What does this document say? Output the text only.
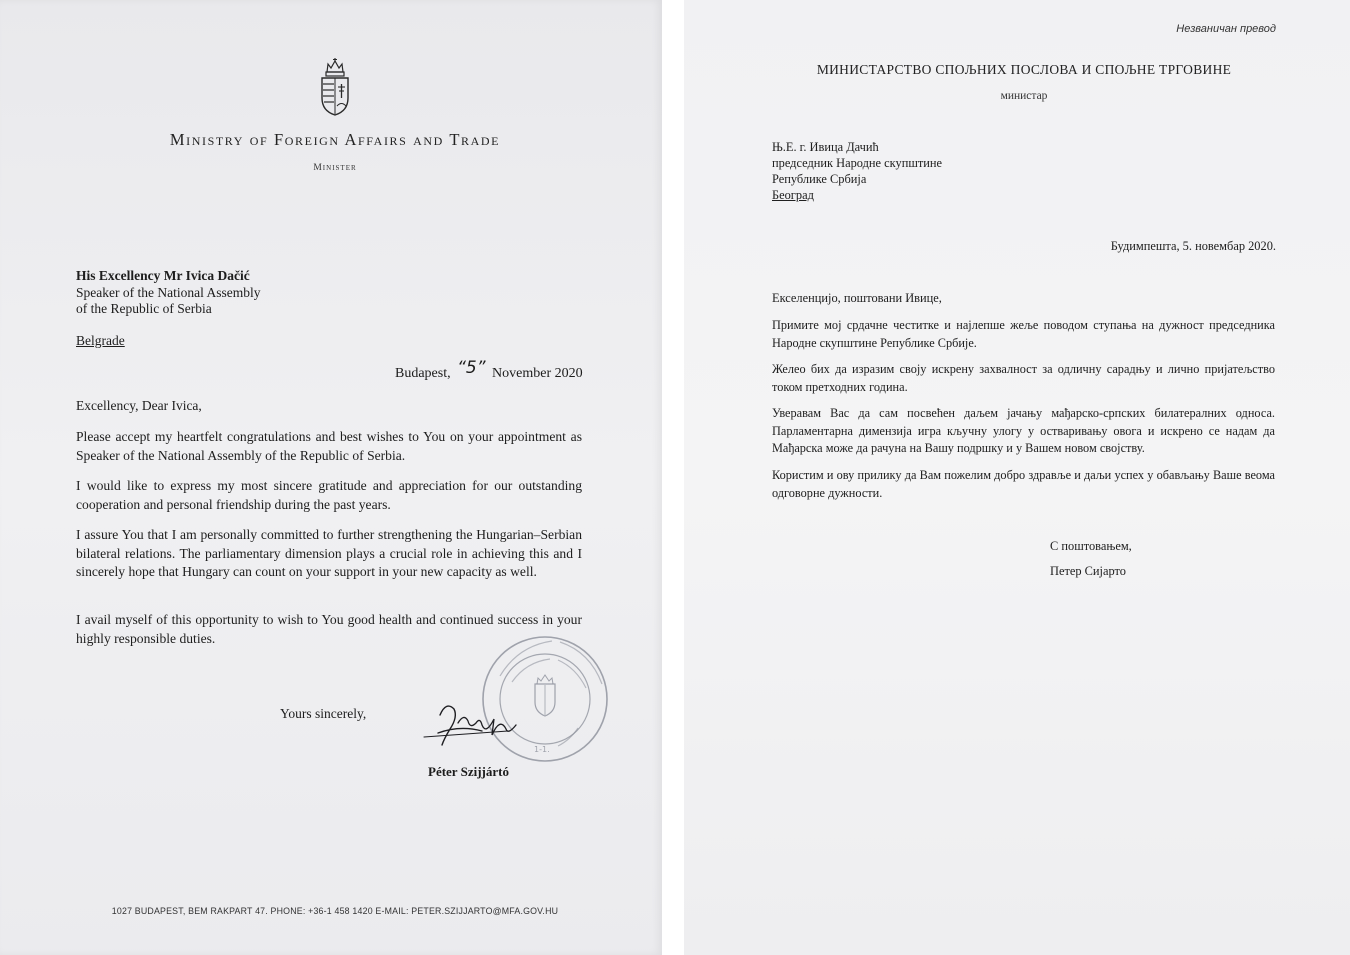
Ministry of Foreign Affairs and Trade

Minister

His Excellency Mr Ivica Dačić

Speaker of the National Assembly

of the Republic of Serbia

Belgrade

Budapest, “5” November 2020

Excellency, Dear Ivica,

Please accept my heartfelt congratulations and best wishes to You on your appointment as Speaker of the National Assembly of the Republic of Serbia.

I would like to express my most sincere gratitude and appreciation for our outstanding cooperation and personal friendship during the past years.

I assure You that I am personally committed to further strengthening the Hungarian–Serbian bilateral relations. The parliamentary dimension plays a crucial role in achieving this and I sincerely hope that Hungary can count on your support in your new capacity as well.

I avail myself of this opportunity to wish to You good health and continued success in your highly responsible duties.

Yours sincerely,

1-1.

Péter Szijjártó

1027 BUDAPEST, BEM RAKPART 47. PHONE: +36-1 458 1420 E-MAIL: PETER.SZIJJARTO@MFA.GOV.HU

Незваничан превод

МИНИСТАРСТВО СПОЉНИХ ПОСЛОВА И СПОЉНЕ ТРГОВИНЕ

министар

Њ.Е. г. Ивица Дачић

председник Народне скупштине

Републике Србија

Београд

Будимпешта, 5. новембар 2020.

Екселенцијо, поштовани Ивице,

Примите мој срдачне честитке и најлепше жеље поводом ступања на дужност председника Народне скупштине Републике Србије.

Желео бих да изразим своју искрену захвалност за одличну сарадњу и лично пријатељство током претходних година.

Уверавам Вас да сам посвећен даљем јачању мађарско-српских билатералних односа. Парламентарна димензија игра кључну улогу у остваривању овога и искрено се надам да Мађарска може да рачуна на Вашу подршку и у Вашем новом својству.

Користим и ову прилику да Вам пожелим добро здравље и даљи успех у обављању Ваше веома одговорне дужности.

С поштовањем,

Петер Сијарто
